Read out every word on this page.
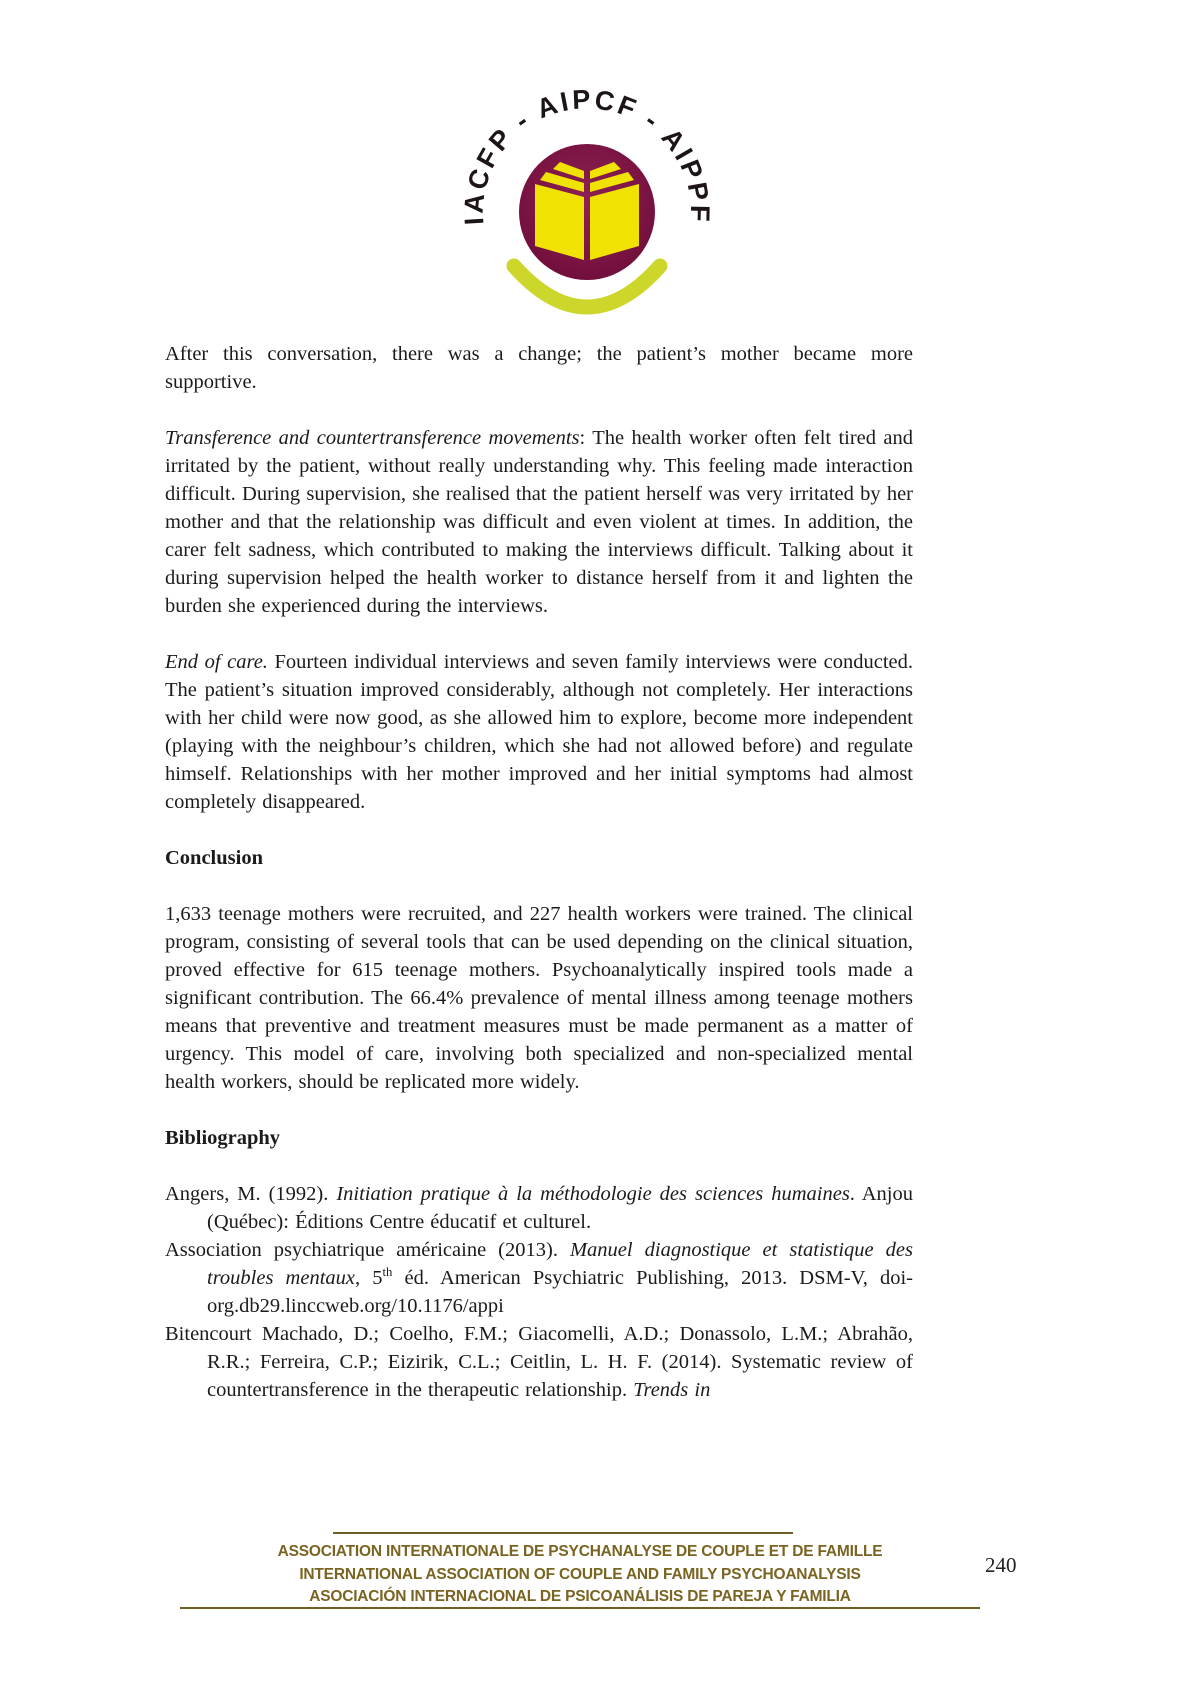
IACFP - AIPCF - AIPPF

After this conversation, there was a change; the patient’s mother became more supportive.

Transference and countertransference movements: The health worker often felt tired and irritated by the patient, without really understanding why. This feeling made interaction difficult. During supervision, she realised that the patient herself was very irritated by her mother and that the relationship was difficult and even violent at times. In addition, the carer felt sadness, which contributed to making the interviews difficult. Talking about it during supervision helped the health worker to distance herself from it and lighten the burden she experienced during the interviews.

End of care. Fourteen individual interviews and seven family interviews were conducted. The patient’s situation improved considerably, although not completely. Her interactions with her child were now good, as she allowed him to explore, become more independent (playing with the neighbour’s children, which she had not allowed before) and regulate himself. Relationships with her mother improved and her initial symptoms had almost completely disappeared.

Conclusion

1,633 teenage mothers were recruited, and 227 health workers were trained. The clinical program, consisting of several tools that can be used depending on the clinical situation, proved effective for 615 teenage mothers. Psychoanalytically inspired tools made a significant contribution. The 66.4% prevalence of mental illness among teenage mothers means that preventive and treatment measures must be made permanent as a matter of urgency. This model of care, involving both specialized and non-specialized mental health workers, should be replicated more widely.

Bibliography

Angers, M. (1992). Initiation pratique à la méthodologie des sciences humaines. Anjou (Québec): Éditions Centre éducatif et culturel.

Association psychiatrique américaine (2013). Manuel diagnostique et statistique des troubles mentaux, 5th éd. American Psychiatric Publishing, 2013. DSM-V, doi-org.db29.linccweb.org/10.1176/appi

Bitencourt Machado, D.; Coelho, F.M.; Giacomelli, A.D.; Donassolo, L.M.; Abrahão, R.R.; Ferreira, C.P.; Eizirik, C.L.; Ceitlin, L. H. F. (2014). Systematic review of countertransference in the therapeutic relationship. Trends in

ASSOCIATION INTERNATIONALE DE PSYCHANALYSE DE COUPLE ET DE FAMILLE
INTERNATIONAL ASSOCIATION OF COUPLE AND FAMILY PSYCHOANALYSIS
ASOCIACIÓN INTERNACIONAL DE PSICOANÁLISIS DE PAREJA Y FAMILIA
240
